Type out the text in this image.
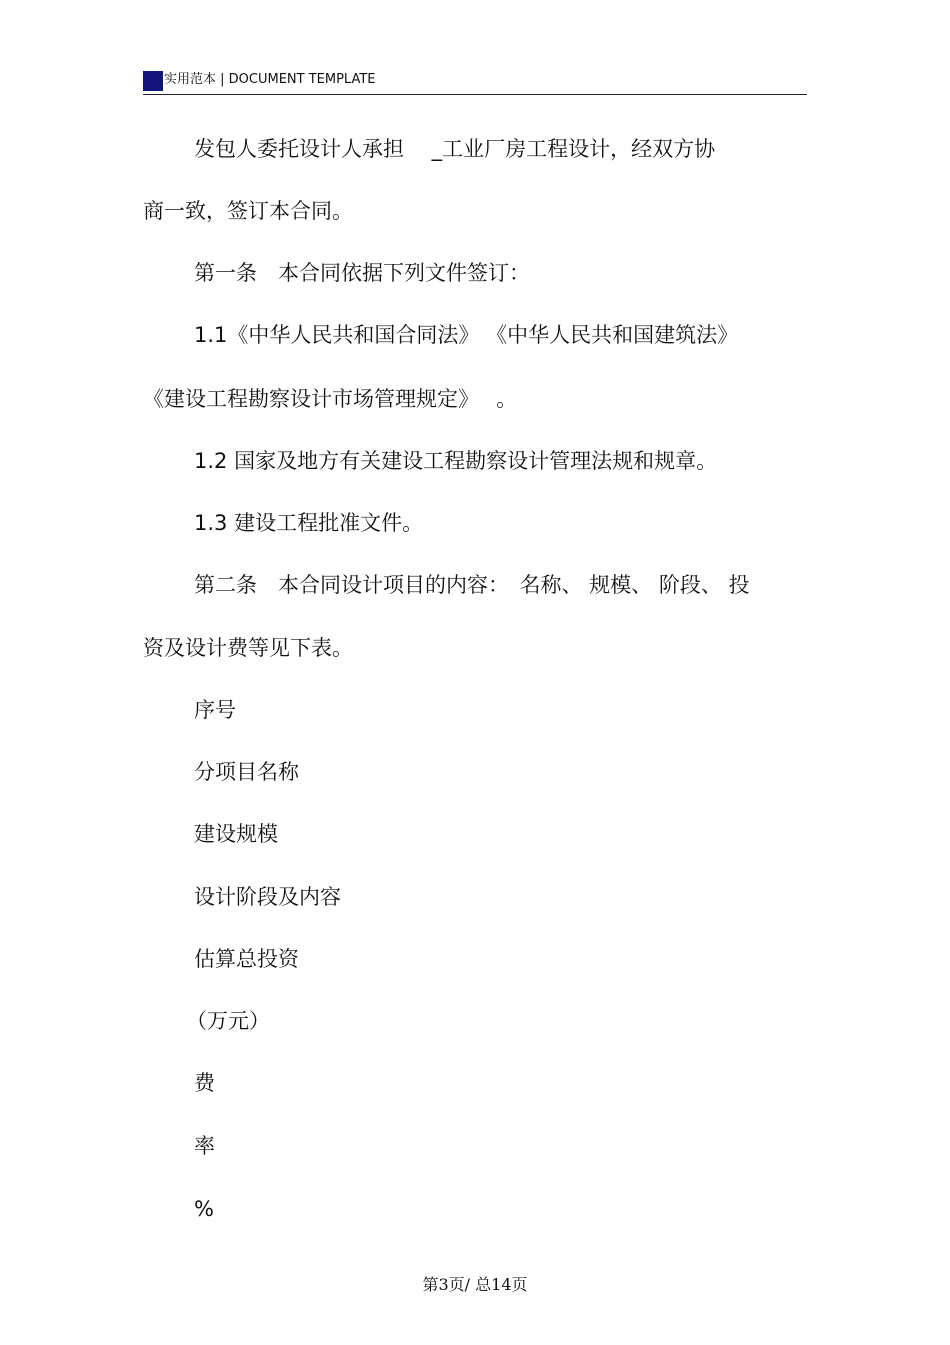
实用范本 | DOCUMENT TEMPLATE
发包人委托设计人承担　 _工业厂房工程设计，经双方协
商一致，签订本合同。
第一条　本合同依据下列文件签订：
1.1《中华人民共和国合同法》 《中华人民共和国建筑法》
《建设工程勘察设计市场管理规定》　 。
1.2 国家及地方有关建设工程勘察设计管理法规和规章。
1.3 建设工程批准文件。
第二条　本合同设计项目的内容：　名称、 规模、 阶段、 投
资及设计费等见下表。
序号
分项目名称
建设规模
设计阶段及内容
估算总投资
（万元）
费
率
%
第3页/ 总14页
